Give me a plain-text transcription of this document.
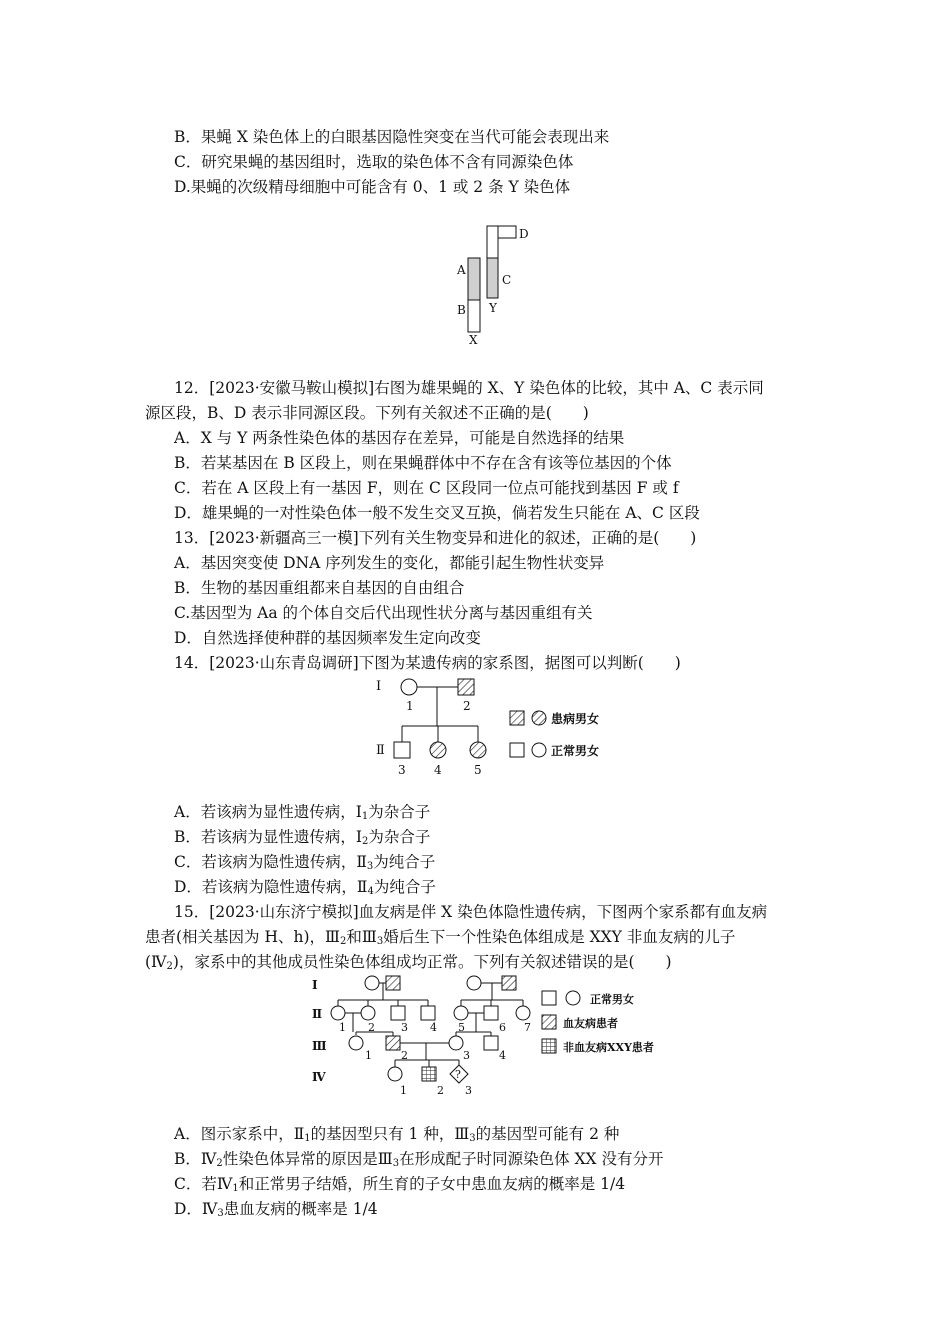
B．果蝇 X 染色体上的白眼基因隐性突变在当代可能会表现出来
C．研究果蝇的基因组时，选取的染色体不含有同源染色体
D.果蝇的次级精母细胞中可能含有 0、1 或 2 条 Y 染色体
A
B
C
D
X
Y
12．[2023·安徽马鞍山模拟]右图为雄果蝇的 X、Y 染色体的比较，其中 A、C 表示同
源区段，B、D 表示非同源区段。下列有关叙述不正确的是(　　)
A．X 与 Y 两条性染色体的基因存在差异，可能是自然选择的结果
B．若某基因在 B 区段上，则在果蝇群体中不存在含有该等位基因的个体
C．若在 A 区段上有一基因 F，则在 C 区段同一位点可能找到基因 F 或 f
D．雄果蝇的一对性染色体一般不发生交叉互换，倘若发生只能在 A、C 区段
13．[2023·新疆高三一模]下列有关生物变异和进化的叙述，正确的是(　　)
A．基因突变使 DNA 序列发生的变化，都能引起生物性状变异
B．生物的基因重组都来自基因的自由组合
C.基因型为 Aa 的个体自交后代出现性状分离与基因重组有关
D．自然选择使种群的基因频率发生定向改变
14．[2023·山东青岛调研]下图为某遗传病的家系图，据图可以判断(　　)
Ⅰ
Ⅱ
1	2
3 4	5
患病男女
正常男女
A．若该病为显性遗传病，$Ⅰ_1$为杂合子
B．若该病为显性遗传病，$Ⅰ_2$为杂合子
C．若该病为隐性遗传病，$Ⅱ_3$为纯合子
D．若该病为隐性遗传病，$Ⅱ_4$为纯合子
15．[2023·山东济宁模拟]血友病是伴 X 染色体隐性遗传病，下图两个家系都有血友病
患者(相关基因为 H、h)，$Ⅲ_2$和$Ⅲ_3$婚后生下一个性染色体组成是 XXY 非血友病的儿子
$(Ⅳ_2)$，家系中的其他成员性染色体组成均正常。下列有关叙述错误的是(　　)
Ⅰ
Ⅱ
Ⅲ
Ⅳ
1 2 3 4 5	6 7
1	2	3	4
?
1	2 3
正常男女
血友病患者
非血友病XXY患者
A．图示家系中，$Ⅱ_1$的基因型只有 1 种，$Ⅲ_3$的基因型可能有 2 种
B．$Ⅳ_2$性染色体异常的原因是$Ⅲ_3$在形成配子时同源染色体 XX 没有分开
C．若$Ⅳ_1$和正常男子结婚，所生育的子女中患血友病的概率是 1/4
D．$Ⅳ_3$患血友病的概率是 1/4
